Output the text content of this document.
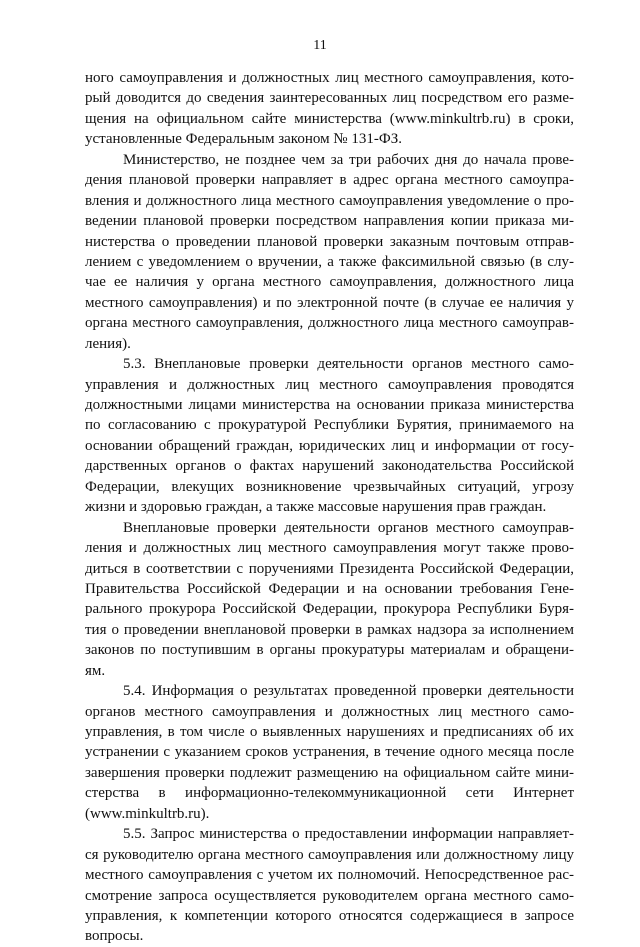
11
ного самоуправления и должностных лиц местного самоуправления, кото-
рый доводится до сведения заинтересованных лиц посредством его разме-
щения на официальном сайте министерства (www.minkultrb.ru) в сроки,
установленные Федеральным законом № 131-ФЗ.
Министерство, не позднее чем за три рабочих дня до начала прове-
дения плановой проверки направляет в адрес органа местного самоупра-
вления и должностного лица местного самоуправления уведомление о про-
ведении плановой проверки посредством направления копии приказа ми-
нистерства о проведении плановой проверки заказным почтовым отправ-
лением с уведомлением о вручении, а также факсимильной связью (в слу-
чае ее наличия у органа местного самоуправления, должностного лица
местного самоуправления) и по электронной почте (в случае ее наличия у
органа местного самоуправления, должностного лица местного самоуправ-
ления).
5.3. Внеплановые проверки деятельности органов местного само-
управления и должностных лиц местного самоуправления проводятся
должностными лицами министерства на основании приказа министерства
по согласованию с прокуратурой Республики Бурятия, принимаемого на
основании обращений граждан, юридических лиц и информации от госу-
дарственных органов о фактах нарушений законодательства Российской
Федерации, влекущих возникновение чрезвычайных ситуаций, угрозу
жизни и здоровью граждан, а также массовые нарушения прав граждан.
Внеплановые проверки деятельности органов местного самоуправ-
ления и должностных лиц местного самоуправления могут также прово-
диться в соответствии с поручениями Президента Российской Федерации,
Правительства Российской Федерации и на основании требования Гене-
рального прокурора Российской Федерации, прокурора Республики Буря-
тия о проведении внеплановой проверки в рамках надзора за исполнением
законов по поступившим в органы прокуратуры материалам и обращени-
ям.
5.4. Информация о результатах проведенной проверки деятельности
органов местного самоуправления и должностных лиц местного само-
управления, в том числе о выявленных нарушениях и предписаниях об их
устранении с указанием сроков устранения, в течение одного месяца после
завершения проверки подлежит размещению на официальном сайте мини-
стерства в информационно-телекоммуникационной сети Интернет
(www.minkultrb.ru).
5.5. Запрос министерства о предоставлении информации направляет-
ся руководителю органа местного самоуправления или должностному лицу
местного самоуправления с учетом их полномочий. Непосредственное рас-
смотрение запроса осуществляется руководителем органа местного само-
управления, к компетенции которого относятся содержащиеся в запросе
вопросы.
